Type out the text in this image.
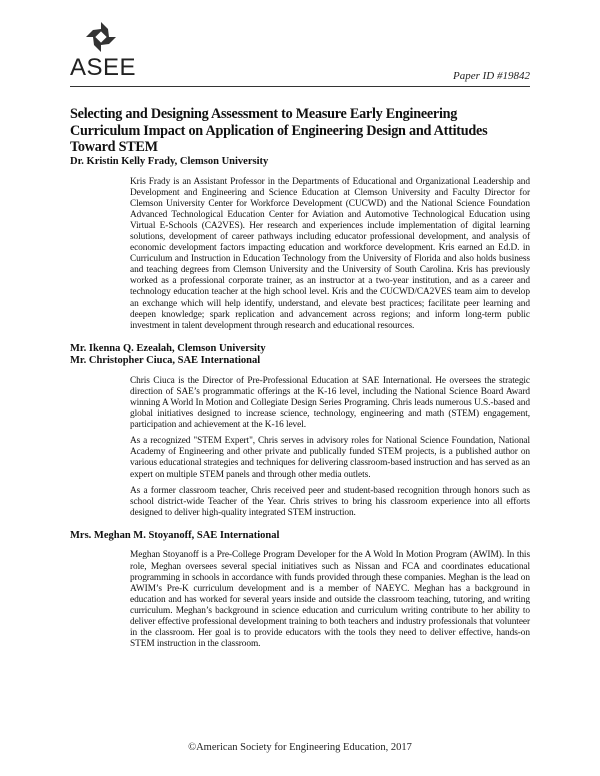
ASEE	Paper ID #19842
Selecting and Designing Assessment to Measure Early Engineering Curriculum Impact on Application of Engineering Design and Attitudes Toward STEM

Dr. Kristin Kelly Frady, Clemson University

Kris Frady is an Assistant Professor in the Departments of Educational and Organizational Leadership and Development and Engineering and Science Education at Clemson University and Faculty Director for Clemson University Center for Workforce Development (CUCWD) and the National Science Foundation Advanced Technological Education Center for Aviation and Automotive Technological Education using Virtual E-Schools (CA2VES). Her research and experiences include implementation of digital learning solutions, development of career pathways including educator professional development, and analysis of economic development factors impacting education and workforce development. Kris earned an Ed.D. in Curriculum and Instruction in Education Technology from the University of Florida and also holds business and teaching degrees from Clemson University and the University of South Carolina. Kris has previously worked as a professional corporate trainer, as an instructor at a two-year institution, and as a career and technology education teacher at the high school level. Kris and the CUCWD/CA2VES team aim to develop an exchange which will help identify, understand, and elevate best practices; facilitate peer learning and deepen knowledge; spark replication and advancement across regions; and inform long-term public investment in talent development through research and educational resources.

Mr. Ikenna Q. Ezealah, Clemson University

Mr. Christopher Ciuca, SAE International

Chris Ciuca is the Director of Pre-Professional Education at SAE International. He oversees the strategic direction of SAE’s programmatic offerings at the K-16 level, including the National Science Board Award winning A World In Motion and Collegiate Design Series Programing. Chris leads numerous U.S.-based and global initiatives designed to increase science, technology, engineering and math (STEM) engagement, participation and achievement at the K-16 level.

As a recognized "STEM Expert", Chris serves in advisory roles for National Science Foundation, National Academy of Engineering and other private and publically funded STEM projects, is a published author on various educational strategies and techniques for delivering classroom-based instruction and has served as an expert on multiple STEM panels and through other media outlets.

As a former classroom teacher, Chris received peer and student-based recognition through honors such as school district-wide Teacher of the Year. Chris strives to bring his classroom experience into all efforts designed to deliver high-quality integrated STEM instruction.

Mrs. Meghan M. Stoyanoff, SAE International

Meghan Stoyanoff is a Pre-College Program Developer for the A Wold In Motion Program (AWIM). In this role, Meghan oversees several special initiatives such as Nissan and FCA and coordinates educational programming in schools in accordance with funds provided through these companies. Meghan is the lead on AWIM’s Pre-K curriculum development and is a member of NAEYC. Meghan has a background in education and has worked for several years inside and outside the classroom teaching, tutoring, and writing curriculum. Meghan’s background in science education and curriculum writing contribute to her ability to deliver effective professional development training to both teachers and industry professionals that volunteer in the classroom. Her goal is to provide educators with the tools they need to deliver effective, hands-on STEM instruction in the classroom.

©American Society for Engineering Education, 2017
